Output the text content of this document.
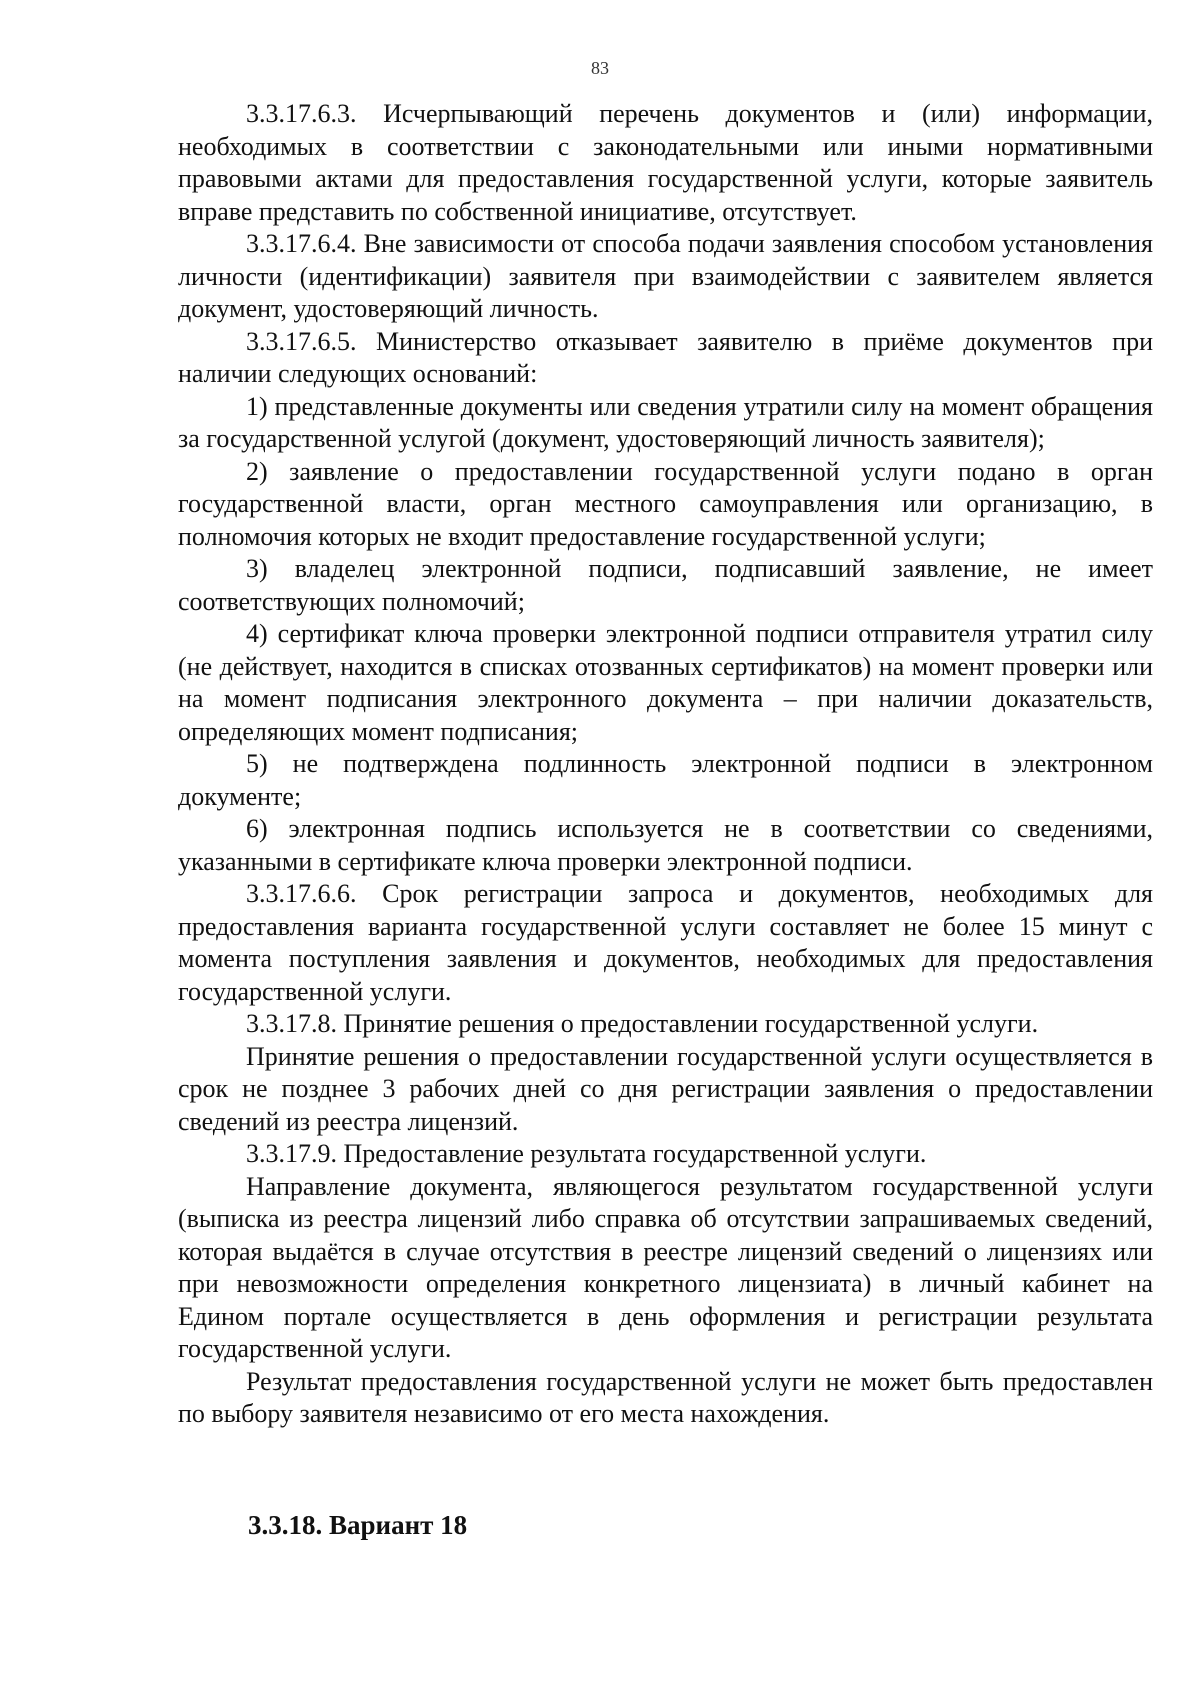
83

3.3.17.6.3. Исчерпывающий перечень документов и (или) информации, необходимых в соответствии с законодательными или иными нормативными правовыми актами для предоставления государственной услуги, которые заявитель вправе представить по собственной инициативе, отсутствует.

3.3.17.6.4. Вне зависимости от способа подачи заявления способом установления личности (идентификации) заявителя при взаимодействии с заявителем является документ, удостоверяющий личность.

3.3.17.6.5. Министерство отказывает заявителю в приёме документов при наличии следующих оснований:

1) представленные документы или сведения утратили силу на момент обращения за государственной услугой (документ, удостоверяющий личность заявителя);

2) заявление о предоставлении государственной услуги подано в орган государственной власти, орган местного самоуправления или организацию, в полномочия которых не входит предоставление государственной услуги;

3) владелец электронной подписи, подписавший заявление, не имеет соответствующих полномочий;

4) сертификат ключа проверки электронной подписи отправителя утратил силу (не действует, находится в списках отозванных сертификатов) на момент проверки или на момент подписания электронного документа – при наличии доказательств, определяющих момент подписания;

5) не подтверждена подлинность электронной подписи в электронном документе;

6) электронная подпись используется не в соответствии со сведениями, указанными в сертификате ключа проверки электронной подписи.

3.3.17.6.6. Срок регистрации запроса и документов, необходимых для предоставления варианта государственной услуги составляет не более 15 минут с момента поступления заявления и документов, необходимых для предоставления государственной услуги.

3.3.17.8. Принятие решения о предоставлении государственной услуги.

Принятие решения о предоставлении государственной услуги осуществляется в срок не позднее 3 рабочих дней со дня регистрации заявления о предоставлении сведений из реестра лицензий.

3.3.17.9. Предоставление результата государственной услуги.

Направление документа, являющегося результатом государственной услуги (выписка из реестра лицензий либо справка об отсутствии запрашиваемых сведений, которая выдаётся в случае отсутствия в реестре лицензий сведений о лицензиях или при невозможности определения конкретного лицензиата) в личный кабинет на Едином портале осуществляется в день оформления и регистрации результата государственной услуги.

Результат предоставления государственной услуги не может быть предоставлен по выбору заявителя независимо от его места нахождения.

3.3.18. Вариант 18
